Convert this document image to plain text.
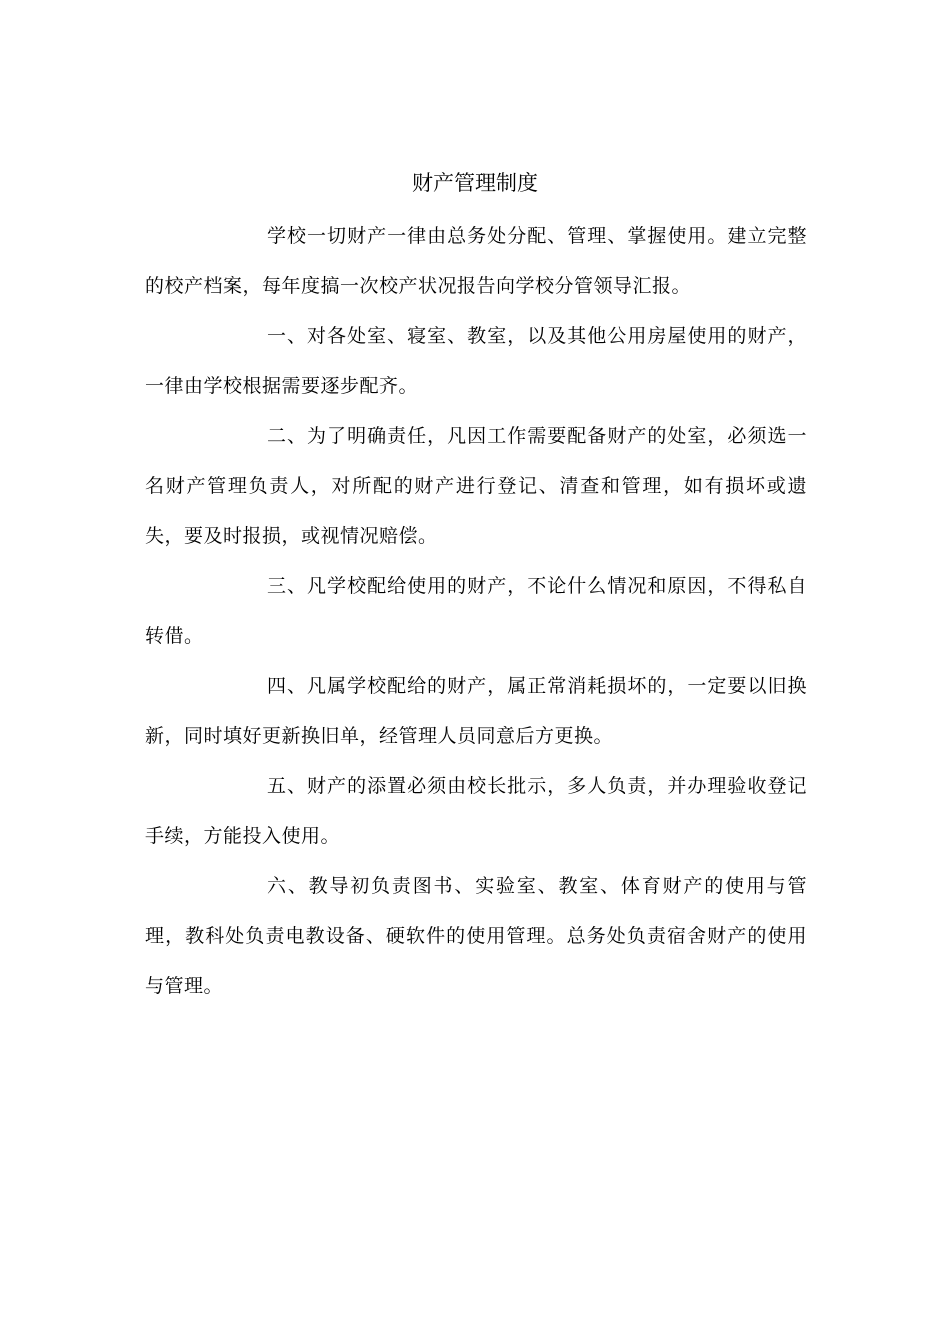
财产管理制度

学校一切财产一律由总务处分配、管理、掌握使用。建立完整的校产档案，每年度搞一次校产状况报告向学校分管领导汇报。

一、对各处室、寝室、教室，以及其他公用房屋使用的财产，一律由学校根据需要逐步配齐。

二、为了明确责任，凡因工作需要配备财产的处室，必须选一名财产管理负责人，对所配的财产进行登记、清查和管理，如有损坏或遗失，要及时报损，或视情况赔偿。

三、凡学校配给使用的财产，不论什么情况和原因，不得私自转借。

四、凡属学校配给的财产，属正常消耗损坏的，一定要以旧换新，同时填好更新换旧单，经管理人员同意后方更换。

五、财产的添置必须由校长批示，多人负责，并办理验收登记手续，方能投入使用。

六、教导初负责图书、实验室、教室、体育财产的使用与管理，教科处负责电教设备、硬软件的使用管理。总务处负责宿舍财产的使用与管理。
